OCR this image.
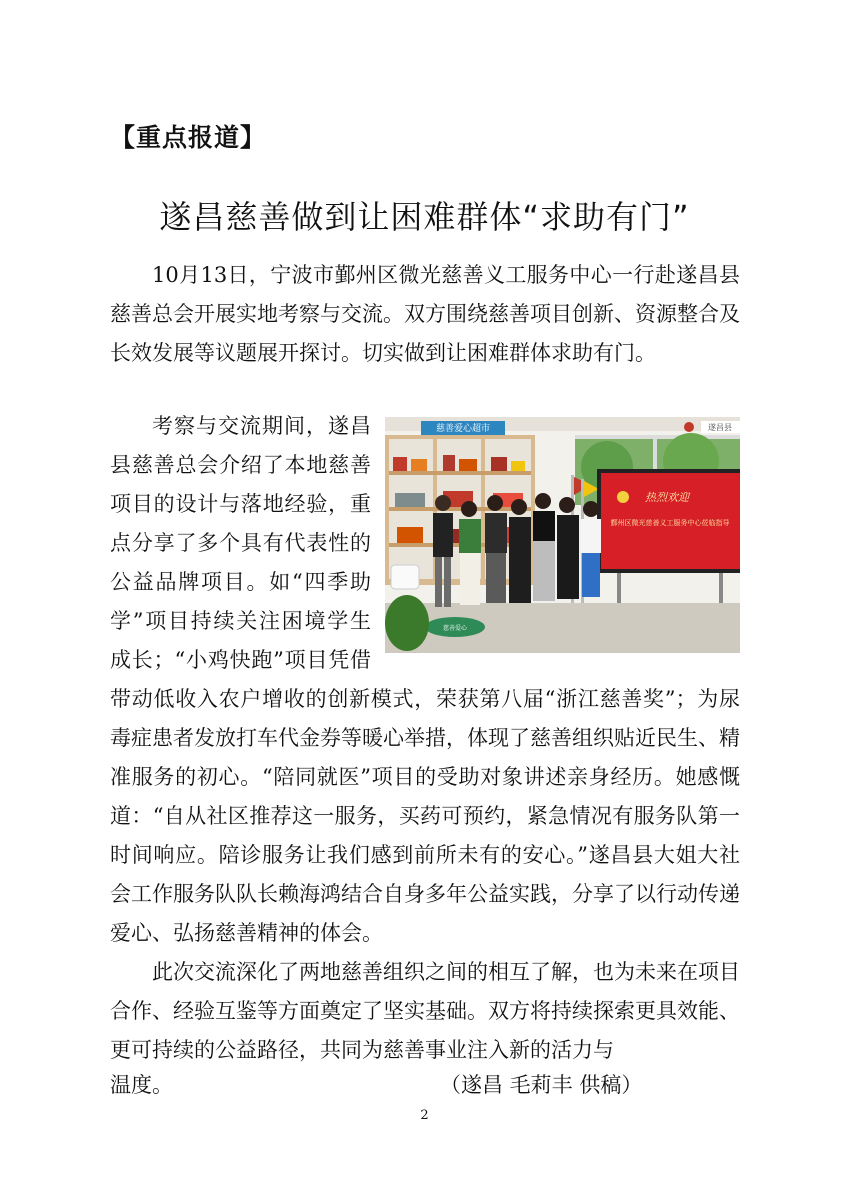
【重点报道】
遂昌慈善做到让困难群体“求助有门”
10月13日，宁波市鄞州区微光慈善义工服务中心一行赴遂昌县慈善总会开展实地考察与交流。双方围绕慈善项目创新、资源整合及长效发展等议题展开探讨。切实做到让困难群体求助有门。
慈善爱心超市	遂昌县
热烈欢迎
鄞州区微光慈善义工服务中心莅临指导
慈善爱心

考察与交流期间，遂昌县慈善总会介绍了本地慈善项目的设计与落地经验，重点分享了多个具有代表性的公益品牌项目。如“四季助学”项目持续关注困境学生成长；“小鸡快跑”项目凭借带动低收入农户增收的创新模式，荣获第八届“浙江慈善奖”；为尿毒症患者发放打车代金券等暖心举措，体现了慈善组织贴近民生、精准服务的初心。“陪同就医”项目的受助对象讲述亲身经历。她感慨道：“自从社区推荐这一服务，买药可预约，紧急情况有服务队第一时间响应。陪诊服务让我们感到前所未有的安心。”遂昌县大姐大社会工作服务队队长赖海鸿结合自身多年公益实践，分享了以行动传递爱心、弘扬慈善精神的体会。

此次交流深化了两地慈善组织之间的相互了解，也为未来在项目合作、经验互鉴等方面奠定了坚实基础。双方将持续探索更具效能、更可持续的公益路径，共同为慈善事业注入新的活力与

温度。	（遂昌 毛莉丰 供稿）
2
